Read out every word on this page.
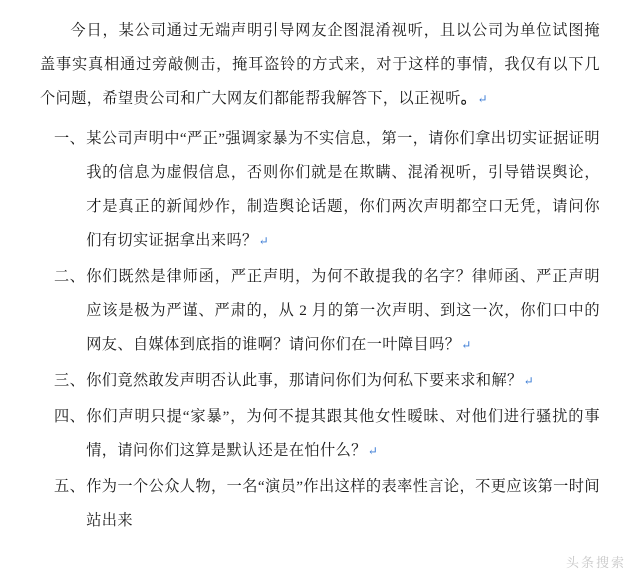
今日，某公司通过无端声明引导网友企图混淆视听，且以公司为单位试图掩盖事实真相通过旁敲侧击，掩耳盗铃的方式来，对于这样的事情，我仅有以下几个问题，希望贵公司和广大网友们都能帮我解答下，以正视听。↵

一、 某公司声明中“严正”强调家暴为不实信息，第一，请你们拿出切实证据证明我的信息为虚假信息，否则你们就是在欺瞒、混淆视听，引导错误舆论，才是真正的新闻炒作，制造舆论话题，你们两次声明都空口无凭，请问你们有切实证据拿出来吗？↵
二、 你们既然是律师函，严正声明，为何不敢提我的名字？律师函、严正声明应该是极为严谨、严肃的，从 2 月的第一次声明、到这一次，你们口中的网友、自媒体到底指的谁啊？请问你们在一叶障目吗？↵
三、 你们竟然敢发声明否认此事，那请问你们为何私下要来求和解？↵
四、 你们声明只提“家暴”，为何不提其跟其他女性暧昧、对他们进行骚扰的事情，请问你们这算是默认还是在怕什么？↵
五、 作为一个公众人物，一名“演员”作出这样的表率性言论，不更应该第一时间站出来
头条搜索
